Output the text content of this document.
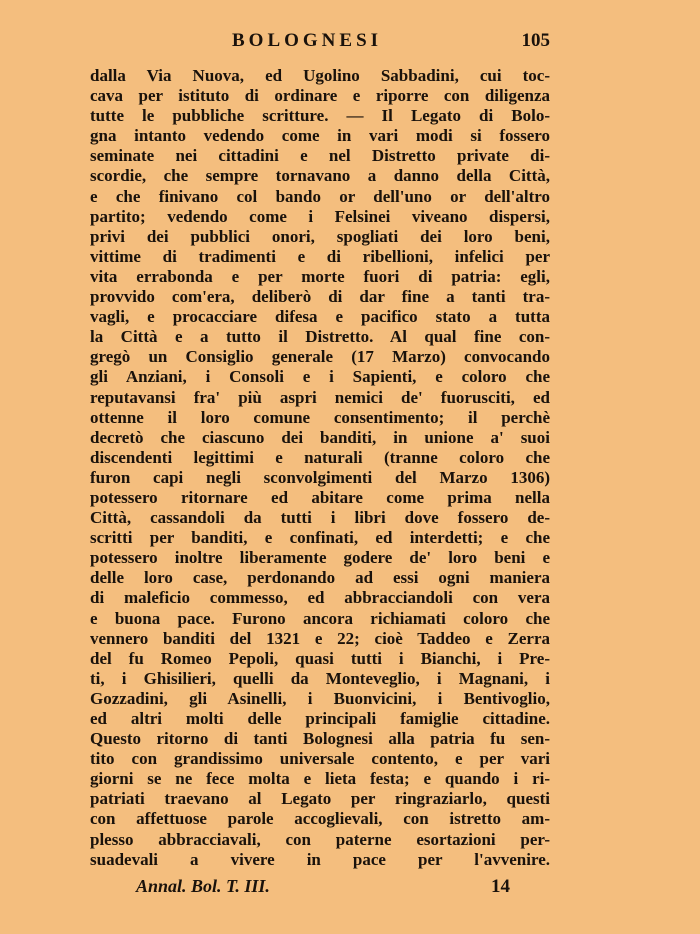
BOLOGNESI	105
dalla Via Nuova, ed Ugolino Sabbadini, cui toc-
cava per istituto di ordinare e riporre con diligenza
tutte le pubbliche scritture. — Il Legato di Bolo-
gna intanto vedendo come in vari modi si fossero
seminate nei cittadini e nel Distretto private di-
scordie, che sempre tornavano a danno della Città,
e che finivano col bando or dell'uno or dell'altro
partito; vedendo come i Felsinei viveano dispersi,
privi dei pubblici onori, spogliati dei loro beni,
vittime di tradimenti e di ribellioni, infelici per
vita errabonda e per morte fuori di patria: egli,
provvido com'era, deliberò di dar fine a tanti tra-
vagli, e procacciare difesa e pacifico stato a tutta
la Città e a tutto il Distretto. Al qual fine con-
gregò un Consiglio generale (17 Marzo) convocando
gli Anziani, i Consoli e i Sapienti, e coloro che
reputavansi fra' più aspri nemici de' fuorusciti, ed
ottenne il loro comune consentimento; il perchè
decretò che ciascuno dei banditi, in unione a' suoi
discendenti legittimi e naturali (tranne coloro che
furon capi negli sconvolgimenti del Marzo 1306)
potessero ritornare ed abitare come prima nella
Città, cassandoli da tutti i libri dove fossero de-
scritti per banditi, e confinati, ed interdetti; e che
potessero inoltre liberamente godere de' loro beni e
delle loro case, perdonando ad essi ogni maniera
di maleficio commesso, ed abbracciandoli con vera
e buona pace. Furono ancora richiamati coloro che
vennero banditi del 1321 e 22; cioè Taddeo e Zerra
del fu Romeo Pepoli, quasi tutti i Bianchi, i Pre-
ti, i Ghisilieri, quelli da Monteveglio, i Magnani, i
Gozzadini, gli Asinelli, i Buonvicini, i Bentivoglio,
ed altri molti delle principali famiglie cittadine.
Questo ritorno di tanti Bolognesi alla patria fu sen-
tito con grandissimo universale contento, e per vari
giorni se ne fece molta e lieta festa; e quando i ri-
patriati traevano al Legato per ringraziarlo, questi
con affettuose parole accoglievali, con istretto am-
plesso abbracciavali, con paterne esortazioni per-
suadevali a vivere in pace per l'avvenire.
Annal. Bol. T. III.	14
